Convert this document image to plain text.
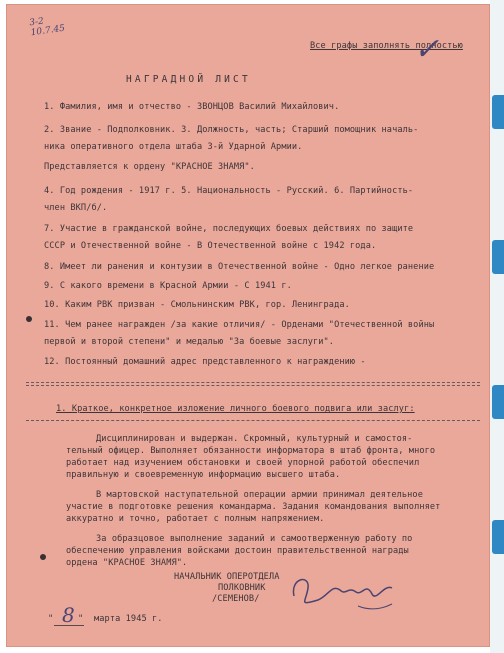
3-2
10.7.45
Все графы заполнять полностью
✓
НАГРАДНОЙ ЛИСТ
1. Фамилия, имя и отчество - ЗВОНЦОВ Василий Михайлович.
2. Звание - Подполковник. 3. Должность, часть; Старший помощник началь-
ника оперативного отдела штаба 3-й Ударной Армии.
Представляется к ордену "КРАСНОЕ ЗНАМЯ".
4. Год рождения - 1917 г. 5. Национальность - Русский. 6. Партийность-
член ВКП/б/.
7. Участие в гражданской войне, последующих боевых действиях по защите
СССР и Отечественной войне - В Отечественной войне с 1942 года.
8. Имеет ли ранения и контузии в Отечественной войне - Одно легкое ранение
9. С какого времени в Красной Армии - С 1941 г.
10. Каким РВК призван - Смольнинским РВК, гор. Ленинграда.
11. Чем ранее награжден /за какие отличия/ - Орденами "Отечественной войны
первой и второй степени" и медалью "За боевые заслуги".
12. Постоянный домашний адрес представленного к награждению -
1. Краткое, конкретное изложение личного боевого подвига или заслуг:
Дисциплинирован и выдержан. Скромный, культурный и самостоя-
тельный офицер. Выполняет обязанности информатора в штаб фронта, много
работает над изучением обстановки и своей упорной работой обеспечил
правильную и своевременную информацию высшего штаба.
В мартовской наступательной операции армии принимал деятельное
участие в подготовке решения командарма. Задания командования выполняет
аккуратно и точно, работает с полным напряжением.
За образцовое выполнение заданий и самоотверженную работу по
обеспечению управления войсками достоин правительственной награды
ордена "КРАСНОЕ ЗНАМЯ".
НАЧАЛЬНИК ОПЕРОТДЕЛА
ПОЛКОВНИК
/СЕМЕНОВ/
" 8 " марта 1945 г.
